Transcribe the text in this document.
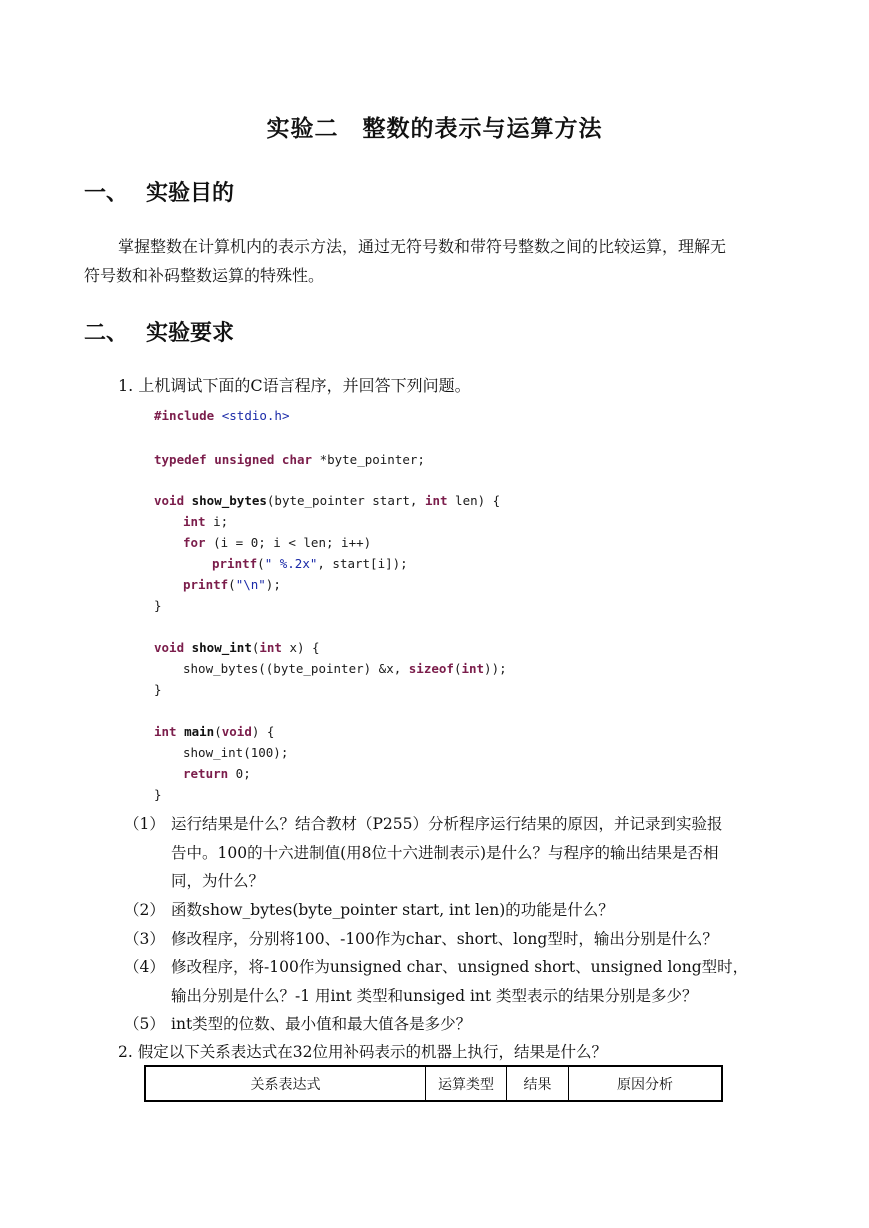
实验二　整数的表示与运算方法
一、 实验目的
掌握整数在计算机内的表示方法，通过无符号数和带符号整数之间的比较运算，理解无
符号数和补码整数运算的特殊性。
二、 实验要求
1. 上机调试下面的C语言程序，并回答下列问题。
#include <stdio.h>
typedef unsigned char *byte_pointer;
void show_bytes(byte_pointer start, int len) {
int i;
for (i = 0; i < len; i++)
printf(" %.2x", start[i]);
printf("\n");
}
void show_int(int x) {
show_bytes((byte_pointer) &x, sizeof(int));
}
int main(void) {
show_int(100);
return 0;
}
（1） 运行结果是什么？结合教材（P255）分析程序运行结果的原因，并记录到实验报
告中。100的十六进制值(用8位十六进制表示)是什么？与程序的输出结果是否相
同，为什么？
（2） 函数show_bytes(byte_pointer start, int len)的功能是什么？
（3） 修改程序，分别将100、-100作为char、short、long型时，输出分别是什么？
（4） 修改程序，将-100作为unsigned char、unsigned short、unsigned long型时，
输出分别是什么？-1 用int 类型和unsiged int 类型表示的结果分别是多少？
（5） int类型的位数、最小值和最大值各是多少？
2. 假定以下关系表达式在32位用补码表示的机器上执行，结果是什么？
关系表达式	运算类型	结果	原因分析
